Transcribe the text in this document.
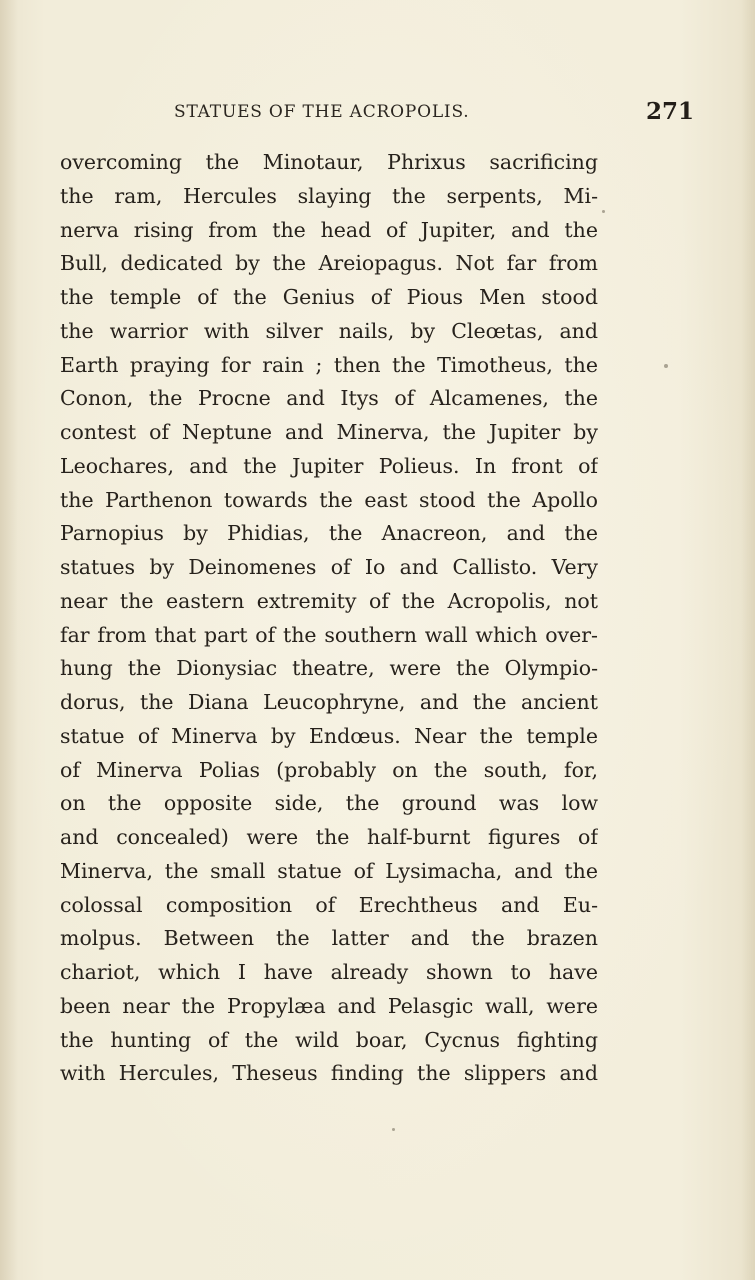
STATUES OF THE ACROPOLIS.	271
overcoming the Minotaur, Phrixus sacrificing
the ram, Hercules slaying the serpents, Mi-
nerva rising from the head of Jupiter, and the
Bull, dedicated by the Areiopagus. Not far from
the temple of the Genius of Pious Men stood
the warrior with silver nails, by Cleœtas, and
Earth praying for rain ; then the Timotheus, the
Conon, the Procne and Itys of Alcamenes, the
contest of Neptune and Minerva, the Jupiter by
Leochares, and the Jupiter Polieus. In front of
the Parthenon towards the east stood the Apollo
Parnopius by Phidias, the Anacreon, and the
statues by Deinomenes of Io and Callisto. Very
near the eastern extremity of the Acropolis, not
far from that part of the southern wall which over-
hung the Dionysiac theatre, were the Olympio-
dorus, the Diana Leucophryne, and the ancient
statue of Minerva by Endœus. Near the temple
of Minerva Polias (probably on the south, for,
on the opposite side, the ground was low
and concealed) were the half-burnt figures of
Minerva, the small statue of Lysimacha, and the
colossal composition of Erechtheus and Eu-
molpus. Between the latter and the brazen
chariot, which I have already shown to have
been near the Propylæa and Pelasgic wall, were
the hunting of the wild boar, Cycnus fighting
with Hercules, Theseus finding the slippers and
